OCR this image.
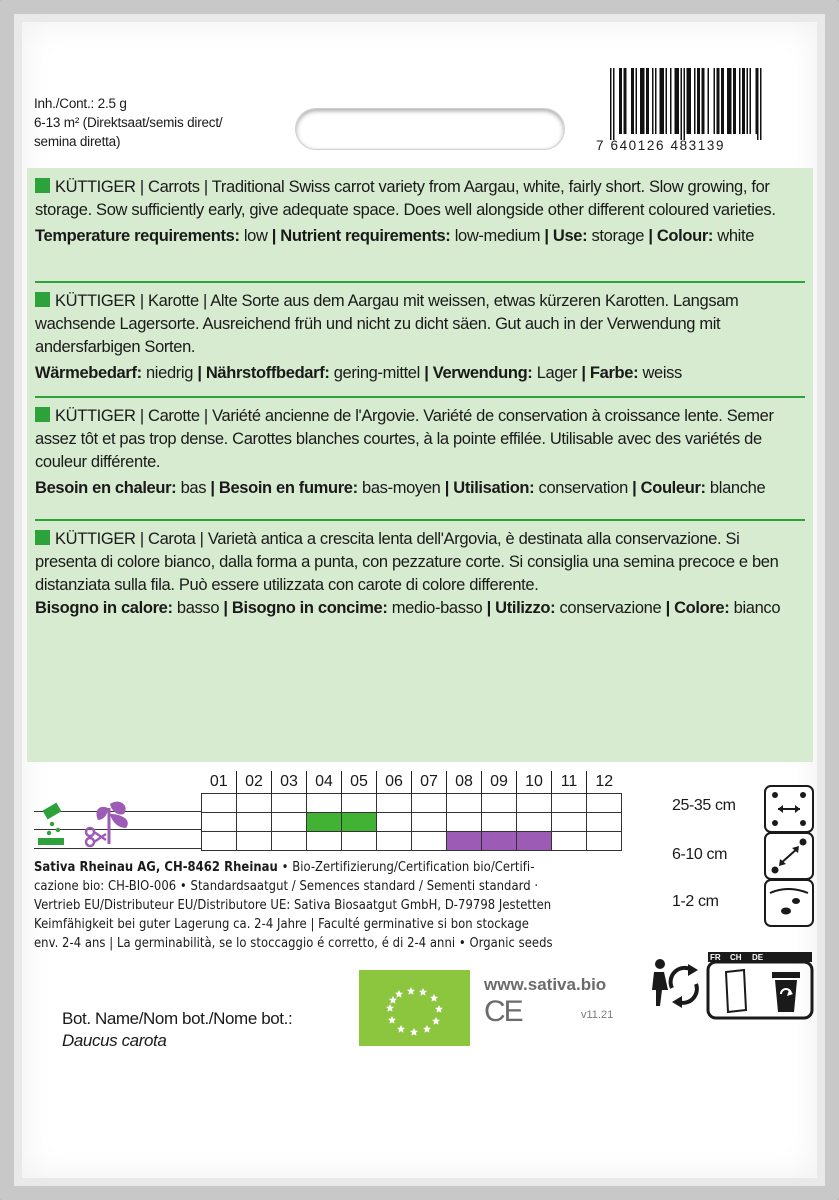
Inh./Cont.: 2.5 g
6-13 m² (Direktsaat/semis direct/
semina diretta)	7 640126 483139
KÜTTIGER | Carrots | Traditional Swiss carrot variety from Aargau, white, fairly short. Slow growing, for storage. Sow sufficiently early, give adequate space. Does well alongside other different coloured varieties.
Temperature requirements: low | Nutrient requirements: low-medium | Use: storage | Colour: white
KÜTTIGER | Karotte | Alte Sorte aus dem Aargau mit weissen, etwas kürzeren Karotten. Langsam wachsende Lagersorte. Ausreichend früh und nicht zu dicht säen. Gut auch in der Verwendung mit andersfarbigen Sorten.
Wärmebedarf: niedrig | Nährstoffbedarf: gering-mittel | Verwendung: Lager | Farbe: weiss
KÜTTIGER | Carotte | Variété ancienne de l'Argovie. Variété de conservation à croissance lente. Semer assez tôt et pas trop dense. Carottes blanches courtes, à la pointe effilée. Utilisable avec des variétés de couleur différente.
Besoin en chaleur: bas | Besoin en fumure: bas-moyen | Utilisation: conservation | Couleur: blanche
KÜTTIGER | Carota | Varietà antica a crescita lenta dell'Argovia, è destinata alla conservazione. Si presenta di colore bianco, dalla forma a punta, con pezzature corte. Si consiglia una semina precoce e ben distanziata sulla fila. Può essere utilizzata con carote di colore differente.
Bisogno in calore: basso | Bisogno in concime: medio-basso | Utilizzo: conservazione | Colore: bianco
01	02	03	04	05	06	07	08	09	10	11	12

Sativa Rheinau AG, CH-8462 Rheinau • Bio-Zertifizierung/Certification bio/Certifi-
cazione bio: CH-BIO-006 • Standardsaatgut / Semences standard / Sementi standard ·
Vertrieb EU/Distributeur EU/Distributore UE: Sativa Biosaatgut GmbH, D-79798 Jestetten
Keimfähigkeit bei guter Lagerung ca. 2-4 Jahre | Faculté germinative si bon stockage
env. 2-4 ans | La germinabilità, se lo stoccaggio é corretto, é di 2-4 anni • Organic seeds
25-35 cm
6-10 cm
1-2 cm
www.sativa.bio
CE	v11.21
Bot. Name/Nom bot./Nome bot.:
Daucus carota
FR CH DE
